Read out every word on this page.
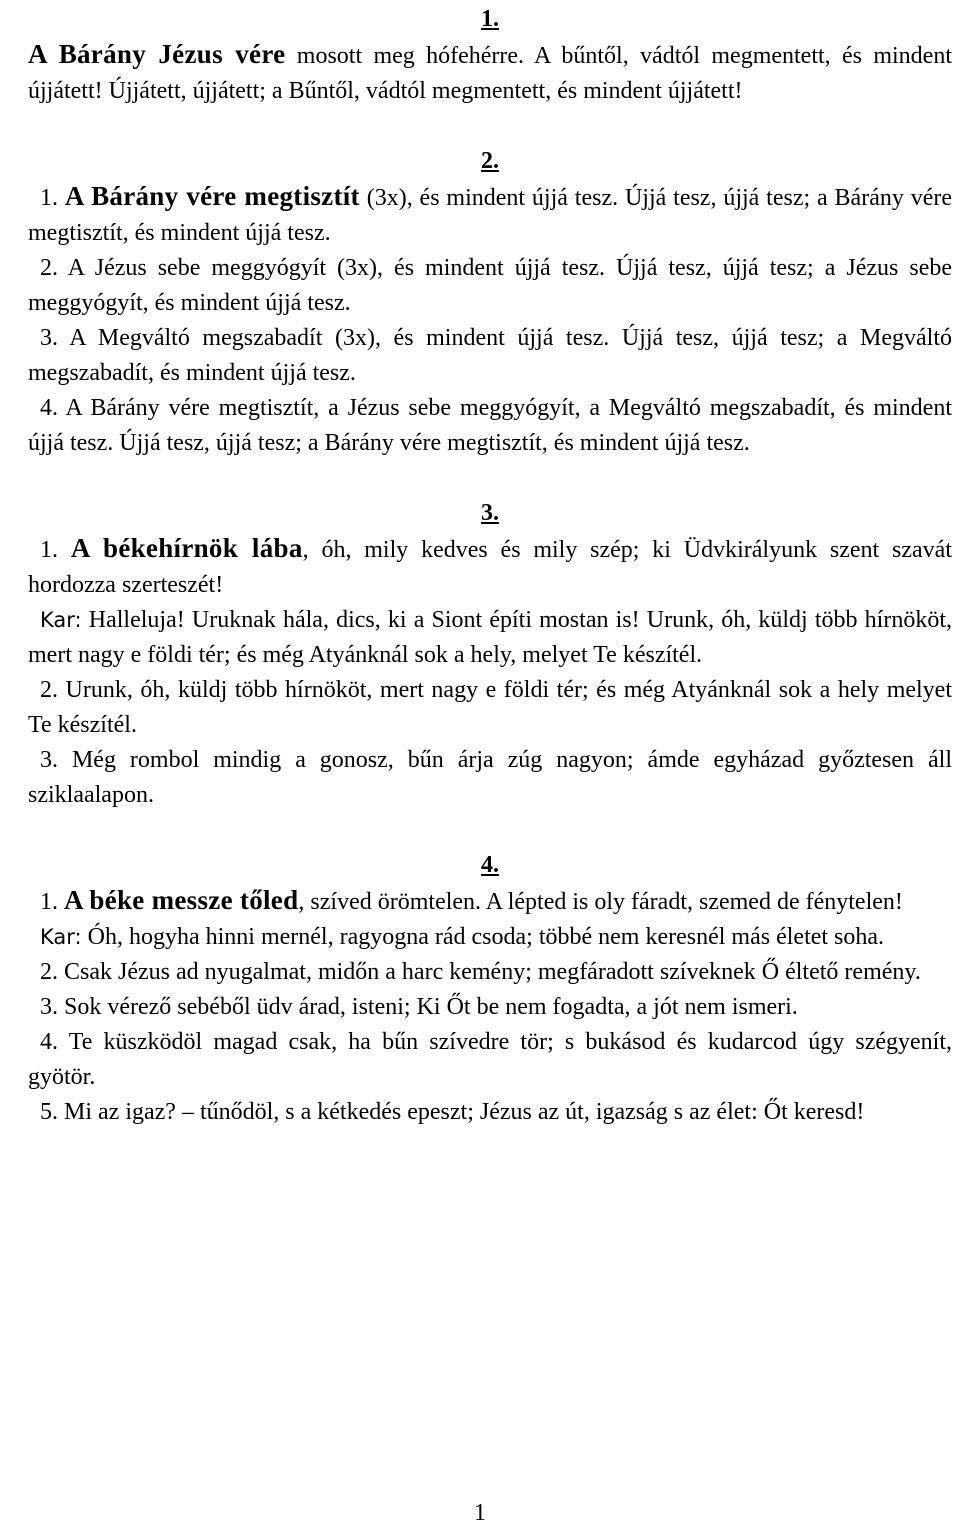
1.

A Bárány Jézus vére mosott meg hófehérre. A bűntől, vádtól megmentett, és mindent újjátett! Újjátett, újjátett; a Bűntől, vádtól megmentett, és mindent újjátett!

2.

1. A Bárány vére megtisztít (3x), és mindent újjá tesz. Újjá tesz, újjá tesz; a Bárány vére megtisztít, és mindent újjá tesz.

2. A Jézus sebe meggyógyít (3x), és mindent újjá tesz. Újjá tesz, újjá tesz; a Jézus sebe meggyógyít, és mindent újjá tesz.

3. A Megváltó megszabadít (3x), és mindent újjá tesz. Újjá tesz, újjá tesz; a Megváltó megszabadít, és mindent újjá tesz.

4. A Bárány vére megtisztít, a Jézus sebe meggyógyít, a Megváltó megszabadít, és mindent újjá tesz. Újjá tesz, újjá tesz; a Bárány vére megtisztít, és mindent újjá tesz.

3.

1. A békehírnök lába, óh, mily kedves és mily szép; ki Üdvkirályunk szent szavát hordozza szerteszét!

Kar: Halleluja! Uruknak hála, dics, ki a Siont építi mostan is! Urunk, óh, küldj több hírnököt, mert nagy e földi tér; és még Atyánknál sok a hely, melyet Te készítél.

2. Urunk, óh, küldj több hírnököt, mert nagy e földi tér; és még Atyánknál sok a hely melyet Te készítél.

3. Még rombol mindig a gonosz, bűn árja zúg nagyon; ámde egyházad győztesen áll sziklaalapon.

4.

1. A béke messze tőled, szíved örömtelen. A lépted is oly fáradt, szemed de fénytelen!

Kar: Óh, hogyha hinni mernél, ragyogna rád csoda; többé nem keresnél más életet soha.

2. Csak Jézus ad nyugalmat, midőn a harc kemény; megfáradott szíveknek Ő éltető remény.

3. Sok vérező sebéből üdv árad, isteni; Ki Őt be nem fogadta, a jót nem ismeri.

4. Te küszködöl magad csak, ha bűn szívedre tör; s bukásod és kudarcod úgy szégyenít, gyötör.

5. Mi az igaz? – tűnődöl, s a kétkedés epeszt; Jézus az út, igazság s az élet: Őt keresd!

1
